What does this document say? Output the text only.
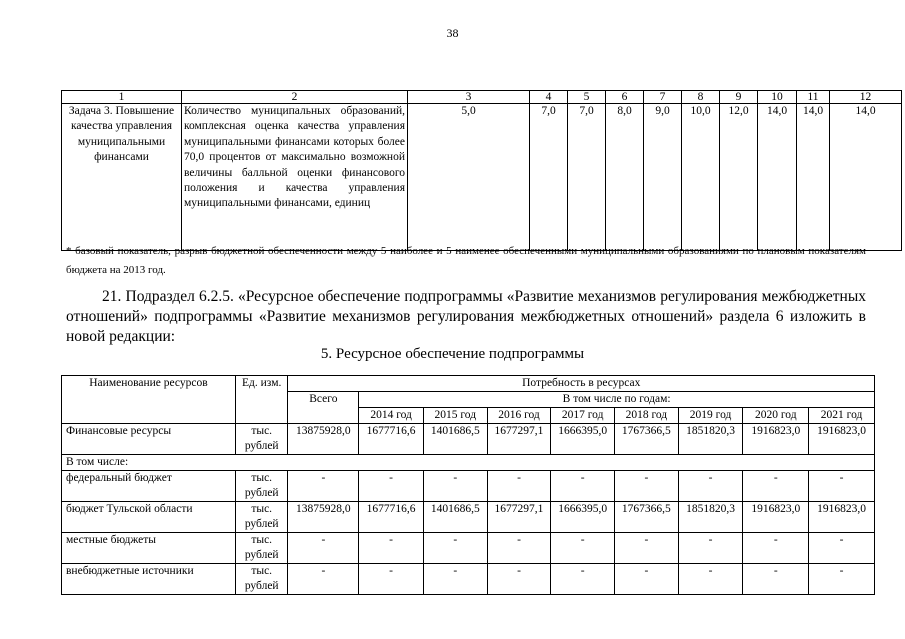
38
1	2	3	4	5	6	7	8	9	10	11	12
Задача 3. Повышение качества управления муниципальными финансами	Количество муниципальных образований, комплексная оценка качества управления муниципальными финансами которых более 70,0 процентов от максимально возможной величины балльной оценки финансового положения и качества управления муниципальными финансами, единиц	5,0	7,0	7,0	8,0	9,0	10,0	12,0	14,0	14,0	14,0
* базовый показатель, разрыв бюджетной обеспеченности между 5 наиболее и 5 наименее обеспеченными муниципальными образованиями по плановым показателям бюджета на 2013 год.
21. Подраздел 6.2.5. «Ресурсное обеспечение подпрограммы «Развитие механизмов регулирования межбюджетных отношений» подпрограммы «Развитие механизмов регулирования межбюджетных отношений» раздела 6 изложить в новой редакции:
5. Ресурсное обеспечение подпрограммы
Наименование ресурсов	Ед. изм.	Потребность в ресурсах								
		Всего	В том числе по годам:							
			2014 год	2015 год	2016 год	2017 год	2018 год	2019 год	2020 год	2021 год
Финансовые ресурсы	тыс. рублей	13875928,0	1677716,6	1401686,5	1677297,1	1666395,0	1767366,5	1851820,3	1916823,0	1916823,0
В том числе:										
федеральный бюджет	тыс. рублей	-	-	-	-	-	-	-	-	-
бюджет Тульской области	тыс. рублей	13875928,0	1677716,6	1401686,5	1677297,1	1666395,0	1767366,5	1851820,3	1916823,0	1916823,0
местные бюджеты	тыс. рублей	-	-	-	-	-	-	-	-	-
внебюджетные источники	тыс. рублей	-	-	-	-	-	-	-	-	-
